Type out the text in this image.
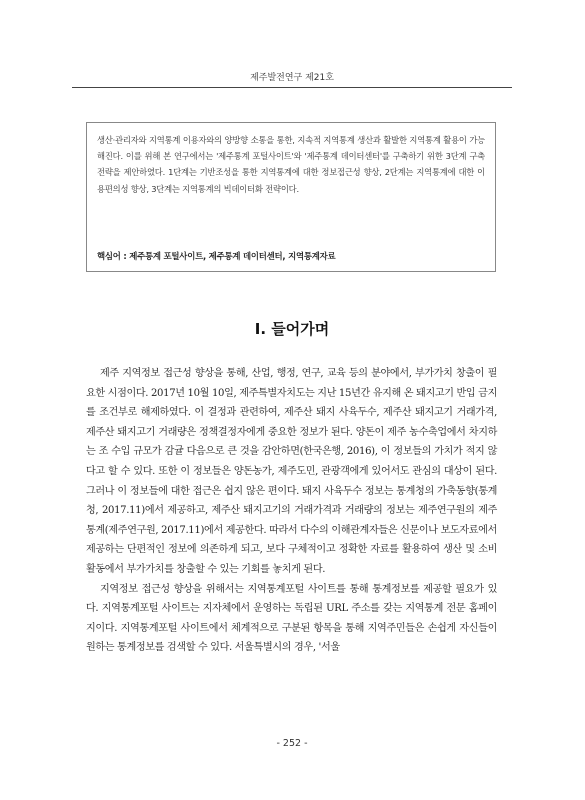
제주발전연구 제21호

생산·관리자와 지역통계 이용자와의 양방향 소통을 통한, 지속적 지역통계 생산과 활발한 지역통계 활용이 가능해진다. 이를 위해 본 연구에서는 '제주통계 포털사이트'와 '제주통계 데이터센터'를 구축하기 위한 3단계 구축전략을 제안하였다. 1단계는 기반조성을 통한 지역통계에 대한 정보접근성 향상, 2단계는 지역통계에 대한 이용편의성 향상, 3단계는 지역통계의 빅데이터화 전략이다.

핵심어 : 제주통계 포털사이트, 제주통계 데이터센터, 지역통계자료
Ⅰ. 들어가며

제주 지역정보 접근성 향상을 통해, 산업, 행정, 연구, 교육 등의 분야에서, 부가가치 창출이 필요한 시점이다. 2017년 10월 10일, 제주특별자치도는 지난 15년간 유지해 온 돼지고기 반입 금지를 조건부로 해제하였다. 이 결정과 관련하여, 제주산 돼지 사육두수, 제주산 돼지고기 거래가격, 제주산 돼지고기 거래량은 정책결정자에게 중요한 정보가 된다. 양돈이 제주 농수축업에서 차지하는 조 수입 규모가 감귤 다음으로 큰 것을 감안하면(한국은행, 2016), 이 정보들의 가치가 적지 않다고 할 수 있다. 또한 이 정보들은 양돈농가, 제주도민, 관광객에게 있어서도 관심의 대상이 된다. 그러나 이 정보들에 대한 접근은 쉽지 않은 편이다. 돼지 사육두수 정보는 통계청의 가축동향(통계청, 2017.11)에서 제공하고, 제주산 돼지고기의 거래가격과 거래량의 정보는 제주연구원의 제주통계(제주연구원, 2017.11)에서 제공한다. 따라서 다수의 이해관계자들은 신문이나 보도자료에서 제공하는 단편적인 정보에 의존하게 되고, 보다 구체적이고 정확한 자료를 활용하여 생산 및 소비활동에서 부가가치를 창출할 수 있는 기회를 놓치게 된다.

지역정보 접근성 향상을 위해서는 지역통계포털 사이트를 통해 통계정보를 제공할 필요가 있다. 지역통계포털 사이트는 지자체에서 운영하는 독립된 URL 주소를 갖는 지역통계 전문 홈페이지이다. 지역통계포털 사이트에서 체계적으로 구분된 항목을 통해 지역주민들은 손쉽게 자신들이 원하는 통계정보를 검색할 수 있다. 서울특별시의 경우, '서울

- 252 -
